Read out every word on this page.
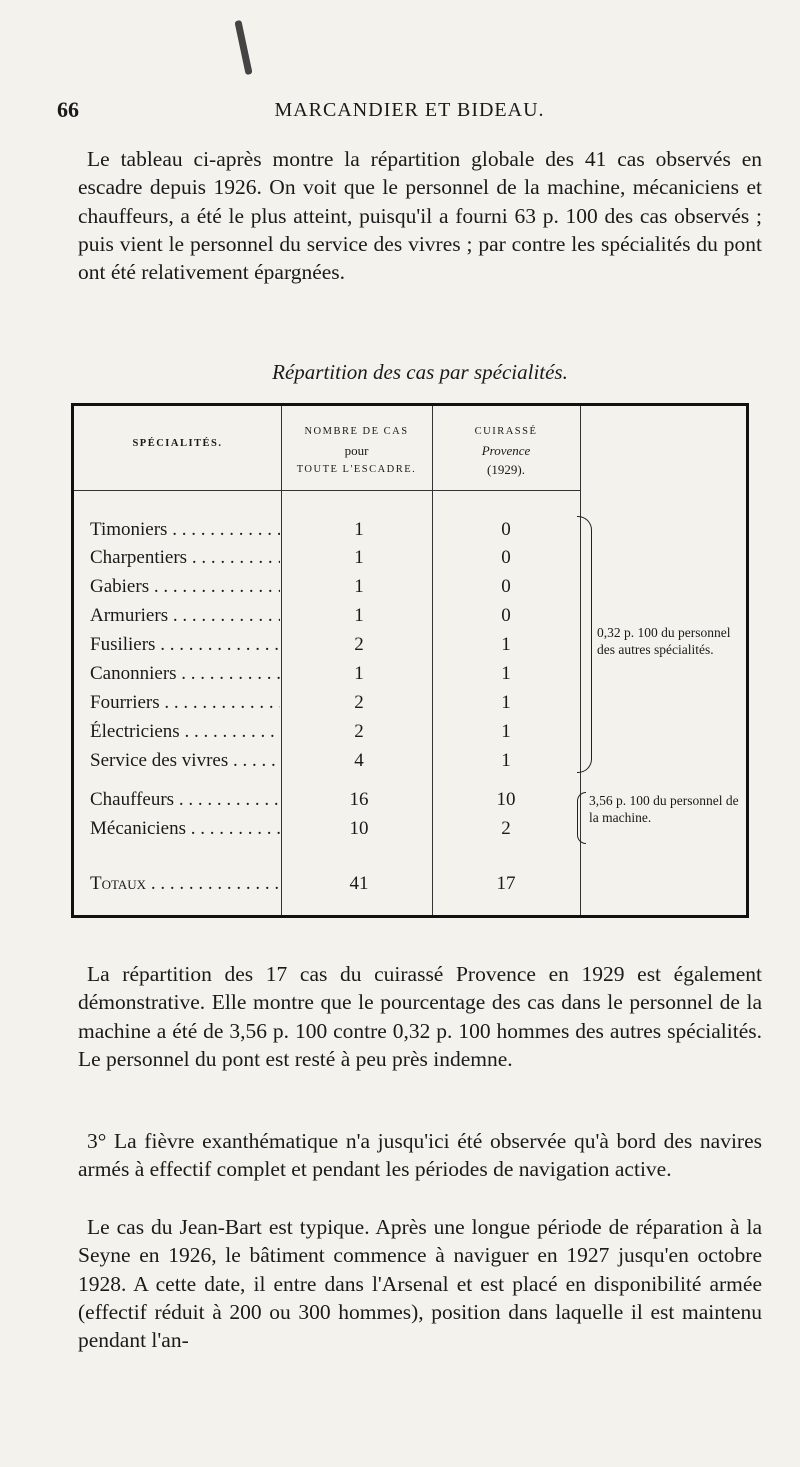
66	MARCANDIER ET BIDEAU.

Le tableau ci-après montre la répartition globale des 41 cas observés en escadre depuis 1926. On voit que le personnel de la machine, mécaniciens et chauffeurs, a été le plus atteint, puisqu'il a fourni 63 p. 100 des cas observés ; puis vient le personnel du service des vivres ; par contre les spécialités du pont ont été relativement épargnées.

Répartition des cas par spécialités.
SPÉCIALITÉS.
NOMBRE DE CAS
pour
TOUTE L'ESCADRE.
CUIRASSÉ
Provence
(1929).
Timoniers . . .	1	0
Charpentiers . . .	1	0
Gabiers . . .	1	0
Armuriers . . .	1	0
Fusiliers . . .	2	1
Canonniers . . .	1	1
Fourriers . . .	2	1
Électriciens . . .	2	1
Service des vivres . . .	4	1
Chauffeurs . . .	16	10
Mécaniciens . . .	10	2
Totaux . . .	41	17
0,32 p. 100 du personnel des autres spécialités.
3,56 p. 100 du personnel de la machine.

La répartition des 17 cas du cuirassé Provence en 1929 est également démonstrative. Elle montre que le pourcentage des cas dans le personnel de la machine a été de 3,56 p. 100 contre 0,32 p. 100 hommes des autres spécialités. Le personnel du pont est resté à peu près indemne.

3° La fièvre exanthématique n'a jusqu'ici été observée qu'à bord des navires armés à effectif complet et pendant les périodes de navigation active.

Le cas du Jean-Bart est typique. Après une longue période de réparation à la Seyne en 1926, le bâtiment commence à naviguer en 1927 jusqu'en octobre 1928. A cette date, il entre dans l'Arsenal et est placé en disponibilité armée (effectif réduit à 200 ou 300 hommes), position dans laquelle il est maintenu pendant l'an-
